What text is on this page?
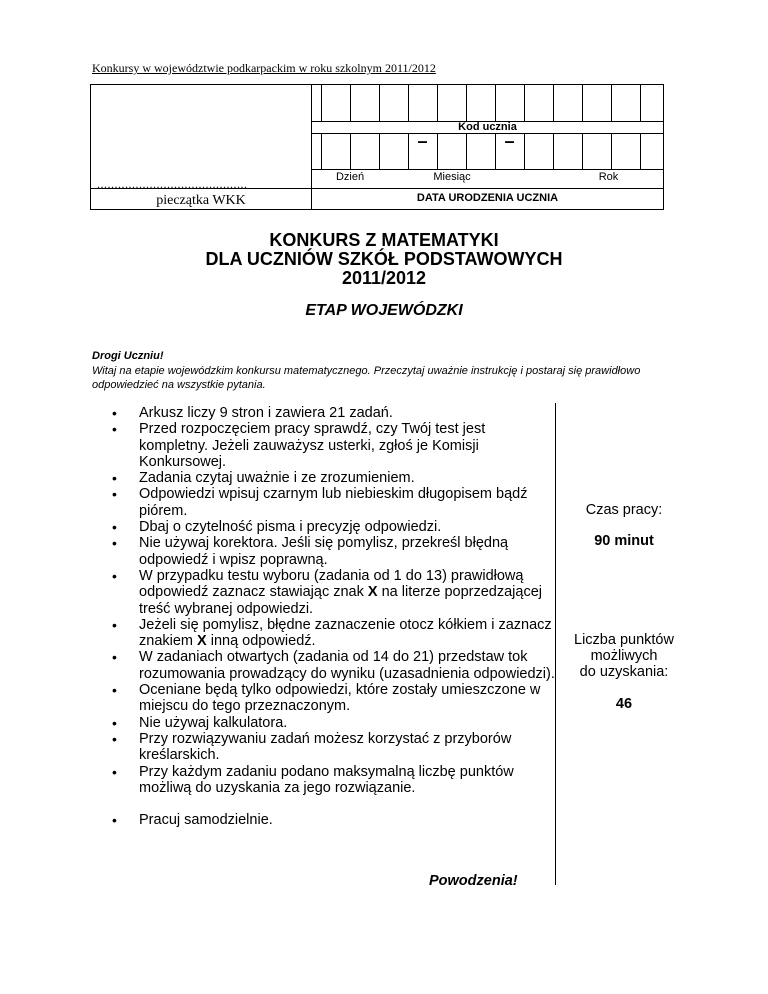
Konkursy w województwie podkarpackim w roku szkolnym 2011/2012
Kod ucznia
–	–
Dzień	Miesiąc	Rok
...........................................
pieczątka WKK	DATA URODZENIA UCZNIA
KONKURS Z MATEMATYKI
DLA UCZNIÓW SZKÓŁ PODSTAWOWYCH
2011/2012
ETAP WOJEWÓDZKI
Drogi Uczniu!
Witaj na etapie wojewódzkim konkursu matematycznego. Przeczytaj uważnie instrukcję i postaraj się prawidłowo odpowiedzieć na wszystkie pytania.
• Arkusz liczy 9 stron i zawiera 21 zadań.
• Przed rozpoczęciem pracy sprawdź, czy Twój test jest kompletny. Jeżeli zauważysz usterki, zgłoś je Komisji Konkursowej.
• Zadania czytaj uważnie i ze zrozumieniem.
• Odpowiedzi wpisuj czarnym lub niebieskim długopisem bądź piórem.
• Dbaj o czytelność pisma i precyzję odpowiedzi.
• Nie używaj korektora. Jeśli się pomylisz, przekreśl błędną odpowiedź i wpisz poprawną.
• W przypadku testu wyboru (zadania od 1 do 13) prawidłową odpowiedź zaznacz stawiając znak X na literze poprzedzającej treść wybranej odpowiedzi.
• Jeżeli się pomylisz, błędne zaznaczenie otocz kółkiem i zaznacz znakiem X inną odpowiedź.
• W zadaniach otwartych (zadania od 14 do 21) przedstaw tok rozumowania prowadzący do wyniku (uzasadnienia odpowiedzi).
• Oceniane będą tylko odpowiedzi, które zostały umieszczone w miejscu do tego przeznaczonym.
• Nie używaj kalkulatora.
• Przy rozwiązywaniu zadań możesz korzystać z przyborów kreślarskich.
• Przy każdym zadaniu podano maksymalną liczbę punktów możliwą do uzyskania za jego rozwiązanie.
• Pracuj samodzielnie.
Czas pracy:
90 minut
Liczba punktów
możliwych
do uzyskania:
46
Powodzenia!
